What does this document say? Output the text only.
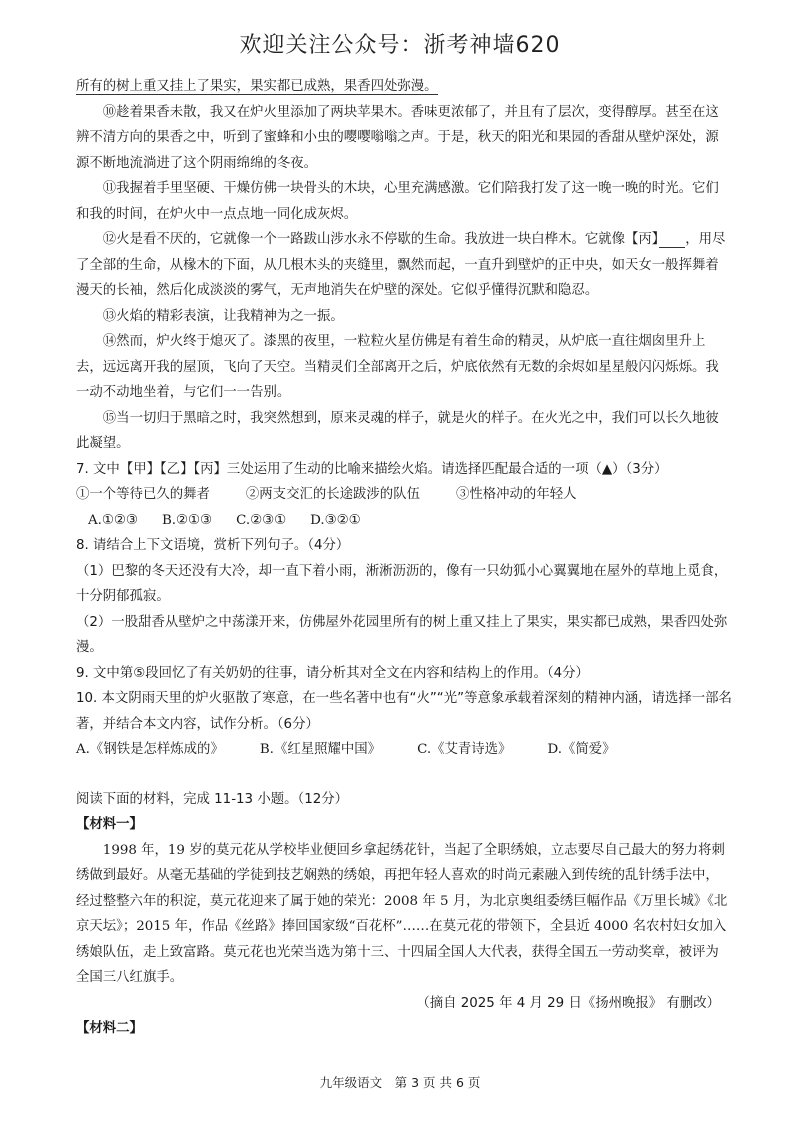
欢迎关注公众号：浙考神墙620
所有的树上重又挂上了果实，果实都已成熟，果香四处弥漫。
⑩趁着果香未散，我又在炉火里添加了两块苹果木。香味更浓郁了，并且有了层次，变得醇厚。甚至在这辨不清方向的果香之中，听到了蜜蜂和小虫的嘤嘤嗡嗡之声。于是，秋天的阳光和果园的香甜从壁炉深处，源源不断地流淌进了这个阴雨绵绵的冬夜。
⑪我握着手里坚硬、干燥仿佛一块骨头的木块，心里充满感激。它们陪我打发了这一晚一晚的时光。它们和我的时间，在炉火中一点点地一同化成灰烬。
⑫火是看不厌的，它就像一个一路跋山涉水永不停歇的生命。我放进一块白桦木。它就像【丙】　　 ，用尽了全部的生命，从椽木的下面，从几根木头的夹缝里，飘然而起，一直升到壁炉的正中央，如天女一般挥舞着漫天的长袖，然后化成淡淡的雾气，无声地消失在炉壁的深处。它似乎懂得沉默和隐忍。
⑬火焰的精彩表演，让我精神为之一振。
⑭然而，炉火终于熄灭了。漆黑的夜里，一粒粒火星仿佛是有着生命的精灵，从炉底一直往烟囱里升上去，远远离开我的屋顶，飞向了天空。当精灵们全部离开之后，炉底依然有无数的余烬如星星般闪闪烁烁。我一动不动地坐着，与它们一一告别。
⑮当一切归于黑暗之时，我突然想到，原来灵魂的样子，就是火的样子。在火光之中，我们可以长久地彼此凝望。
7. 文中【甲】【乙】【丙】三处运用了生动的比喻来描绘火焰。请选择匹配最合适的一项（▲）（3分）
①一个等待已久的舞者	②两支交汇的长途跋涉的队伍	③性格冲动的年轻人
A.①②③ B.②①③ C.②③① D.③②①
8. 请结合上下文语境，赏析下列句子。（4分）
（1）巴黎的冬天还没有大冷，却一直下着小雨，淅淅沥沥的，像有一只幼狐小心翼翼地在屋外的草地上觅食，十分阴郁孤寂。
（2）一股甜香从壁炉之中荡漾开来，仿佛屋外花园里所有的树上重又挂上了果实，果实都已成熟，果香四处弥漫。
9. 文中第⑤段回忆了有关奶奶的往事，请分析其对全文在内容和结构上的作用。（4分）
10. 本文阴雨天里的炉火驱散了寒意，在一些名著中也有“火”“光”等意象承载着深刻的精神内涵，请选择一部名著，并结合本文内容，试作分析。（6分）
A.《钢铁是怎样炼成的》	B.《红星照耀中国》	C.《艾青诗选》	D.《简爱》
阅读下面的材料，完成 11-13 小题。（12分）
【材料一】
1998 年，19 岁的莫元花从学校毕业便回乡拿起绣花针，当起了全职绣娘，立志要尽自己最大的努力将刺绣做到最好。从毫无基础的学徒到技艺娴熟的绣娘，再把年轻人喜欢的时尚元素融入到传统的乱针绣手法中，经过整整六年的积淀，莫元花迎来了属于她的荣光：2008 年 5 月，为北京奥组委绣巨幅作品《万里长城》《北京天坛》；2015 年，作品《丝路》捧回国家级“百花杯”……在莫元花的带领下，全县近 4000 名农村妇女加入绣娘队伍，走上致富路。莫元花也光荣当选为第十三、十四届全国人大代表，获得全国五一劳动奖章，被评为全国三八红旗手。
（摘自 2025 年 4 月 29 日《扬州晚报》 有删改）
【材料二】
九年级语文　第 3 页 共 6 页
